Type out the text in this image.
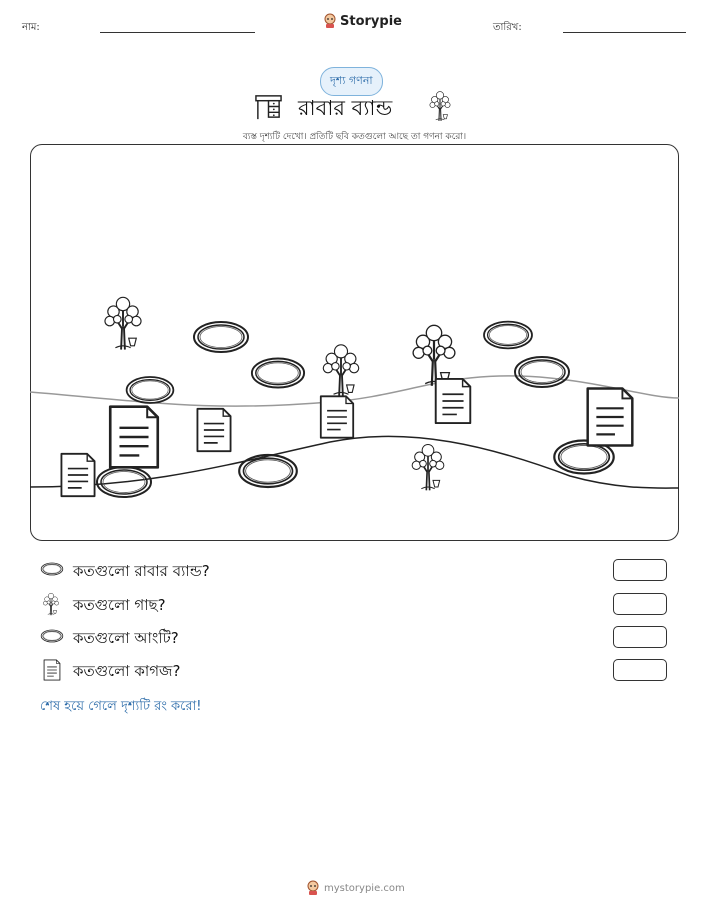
নাম:	Storypie	তারিখ:
দৃশ্য গণনা
রাবার ব্যান্ড
ব্যস্ত দৃশ্যটি দেখো। প্রতিটি ছবি কতগুলো আছে তা গণনা করো।
কতগুলো রাবার ব্যান্ড?
কতগুলো গাছ?
কতগুলো আংটি?
কতগুলো কাগজ?
শেষ হয়ে গেলে দৃশ্যটি রং করো!
mystorypie.com
